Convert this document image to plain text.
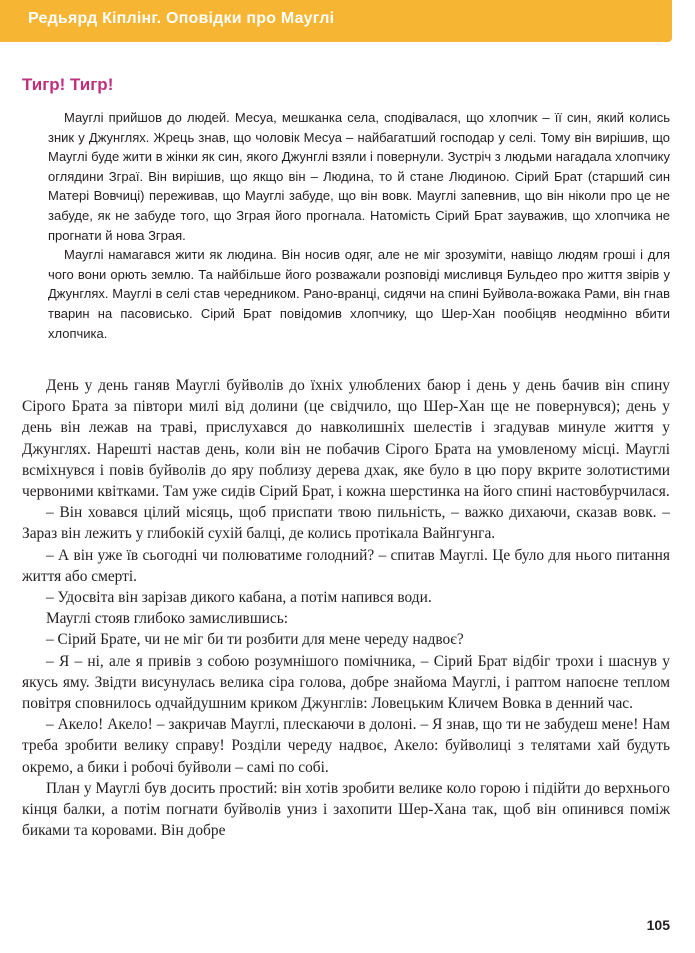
Редьярд Кіплінг. Оповідки про Мауглі
Тигр! Тигр!

Мауглі прийшов до людей. Месуа, мешканка села, сподівалася, що хлопчик – її син, який колись зник у Джунглях. Жрець знав, що чоловік Месуа – найбагатший господар у селі. Тому він вирішив, що Мауглі буде жити в жінки як син, якого Джунглі взяли і повернули. Зустріч з людьми нагадала хлопчику оглядини Зграї. Він вирішив, що якщо він – Людина, то й стане Людиною. Сірий Брат (старший син Матері Вовчиці) переживав, що Мауглі забуде, що він вовк. Мауглі запевнив, що він ніколи про це не забуде, як не забуде того, що Зграя його прогнала. Натомість Сірий Брат зауважив, що хлопчика не прогнати й нова Зграя.

Мауглі намагався жити як людина. Він носив одяг, але не міг зрозуміти, навіщо людям гроші і для чого вони орють землю. Та найбільше його розважали розповіді мисливця Бульдео про життя звірів у Джунглях. Мауглі в селі став чередником. Рано-вранці, сидячи на спині Буйвола-вожака Рами, він гнав тварин на пасовисько. Сірий Брат повідомив хлопчику, що Шер-Хан пообіцяв неодмінно вбити хлопчика.

День у день ганяв Мауглі буйволів до їхніх улюблених баюр і день у день бачив він спину Сірого Брата за півтори милі від долини (це свідчило, що Шер-Хан ще не повернувся); день у день він лежав на траві, прислухався до навколишніх шелестів і згадував минуле життя у Джунглях. Нарешті настав день, коли він не побачив Сірого Брата на умовленому місці. Мауглі всміхнувся і повів буйволів до яру поблизу дерева дхак, яке було в цю пору вкрите золотистими червоними квітками. Там уже сидів Сірий Брат, і кожна шерстинка на його спині настовбурчилася.

– Він ховався цілий місяць, щоб приспати твою пильність, – важко дихаючи, сказав вовк. – Зараз він лежить у глибокій сухій балці, де колись протікала Вайнгунга.

– А він уже їв сьогодні чи полюватиме голодний? – спитав Мауглі. Це було для нього питання життя або смерті.

– Удосвіта він зарізав дикого кабана, а потім напився води.

Мауглі стояв глибоко замислившись:

– Сірий Брате, чи не міг би ти розбити для мене череду надвоє?

– Я – ні, але я привів з собою розумнішого помічника, – Сірий Брат відбіг трохи і шаснув у якусь яму. Звідти висунулась велика сіра голова, добре знайома Мауглі, і раптом напоєне теплом повітря сповнилось одчайдушним криком Джунглів: Ловецьким Кличем Вовка в денний час.

– Акело! Акело! – закричав Мауглі, плескаючи в долоні. – Я знав, що ти не забудеш мене! Нам треба зробити велику справу! Розділи череду надвоє, Акело: буйволиці з телятами хай будуть окремо, а бики і робочі буйволи – самі по собі.

План у Мауглі був досить простий: він хотів зробити велике коло горою і підійти до верхнього кінця балки, а потім погнати буйволів униз і захопити Шер-Хана так, щоб він опинився поміж биками та коровами. Він добре

105
